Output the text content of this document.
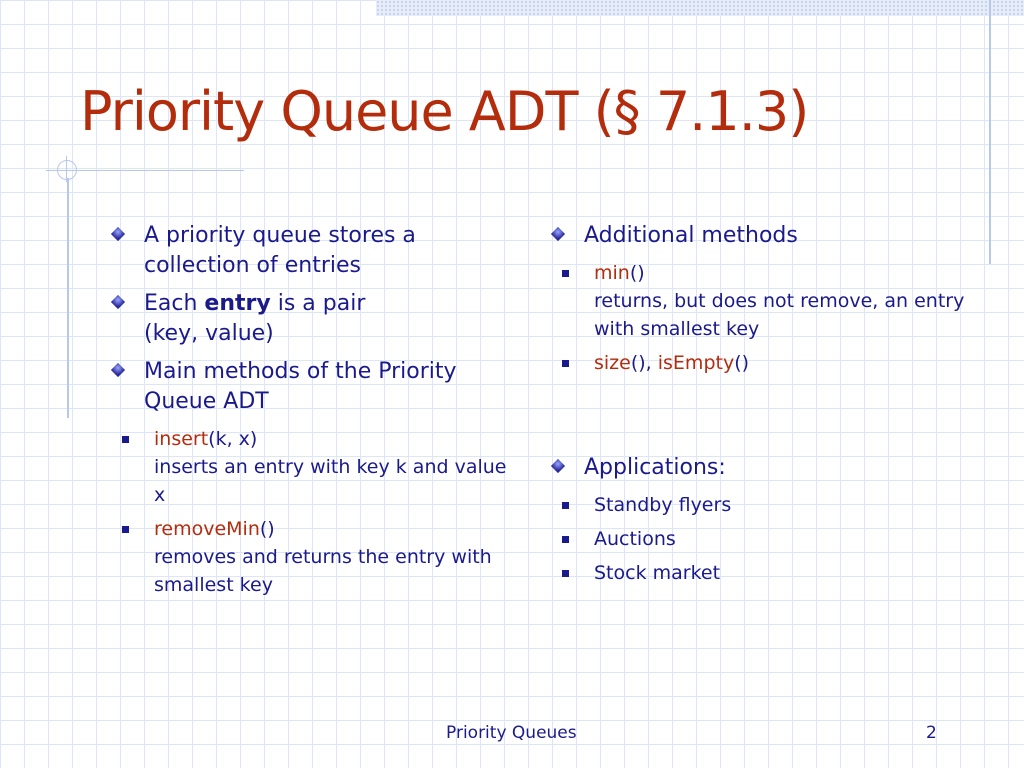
Priority Queue ADT (§ 7.1.3)
A priority queue stores a collection of entries
Each entry is a pair
(key, value)
Main methods of the Priority Queue ADT
insert(k, x)
inserts an entry with key k and value x
removeMin()
removes and returns the entry with smallest key
Additional methods
min()
returns, but does not remove, an entry with smallest key
size(), isEmpty()
Applications:
Standby flyers
Auctions
Stock market
Priority Queues	2
